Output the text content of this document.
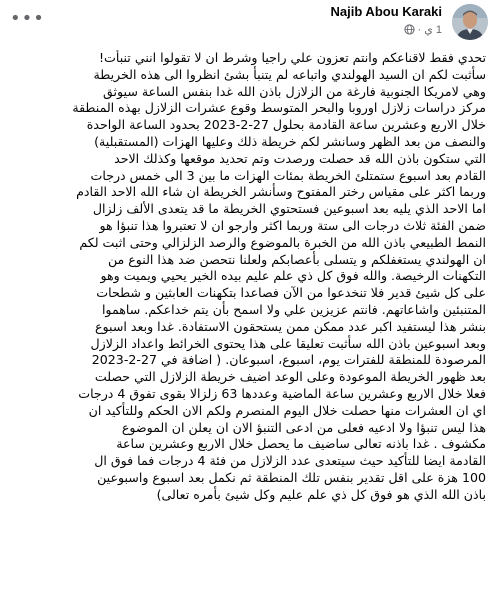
Najib Abou Karaki
1 ي
·
•••
تحدي فقط لاقناعكم وانتم تعزون علي راجيا وشرط ان لا تقولوا انني تنبأت!
سأثبت لكم ان السيد الهولندي واتباعه لم يتنبأ بشئ انظروا الى هذه الخريطة
وهي لامريكا الجنوبية فارغة من الزلازل باذن الله غدا بنفس الساعة سيوثق
مركز دراسات زلازل اوروبا والبحر المتوسط وقوع عشرات الزلازل بهذه المنطقة
خلال الاربع وعشرين ساعة القادمة بحلول 27-2-2023 بحدود الساعة الواحدة
والنصف من بعد الظهر وسانشر لكم خريطة ذلك وعليها الهزات (المستقبلية)
التي ستكون باذن الله قد حصلت ورصدت وتم تحديد موقعها وكذلك الاحد
القادم بعد اسبوع ستمتلئ الخريطة بمئات الهزات ما بين 3 الى خمس درجات
وربما اكثر على مقياس رختر المفتوح وسأنشر الخريطة ان شاء الله الاحد القادم
اما الاحد الذي يليه بعد اسبوعين فستحتوي الخريطة ما قد يتعدى الألف زلزال
ضمن الفئة ثلاث درجات الى ستة وربما اكثر وارجو ان لا تعتبروا هذا تنبؤا هو
النمط الطبيعي باذن الله من الخبرة بالموضوع والرصد الزلزالي وحتى اثبت لكم
ان الهولندي يستغفلكم و يتسلى بأعصابكم ولعلنا نتحصن ضد هذا النوع من
التكهنات الرخيصة. والله فوق كل ذي علم عليم بيده الخير يحيي ويميت وهو
على كل شيئ قدير فلا تنخدعوا من الآن فصاعدا بتكهنات العابثين و شطحات
المتنبئين واشاعاتهم. فانتم عزيزين علي ولا اسمح بأن يتم خداعكم. ساهموا
بنشر هذا ليستفيد اكبر عدد ممكن ممن يستحقون الاستفادة. غدا وبعد اسبوع
وبعد اسبوعين باذن الله سأثبت تعليقا على هذا يحتوى الخرائط واعداد الزلازل
المرصودة للمنطقة للفترات يوم، اسبوع، اسبوعان. ( اضافة في 27-2-2023
بعد ظهور الخريطة الموعودة وعلى الوعد اضيف خريطة الزلازل التي حصلت
فعلا خلال الاربع وعشرين ساعة الماضية وعددها 63 زلزالا بقوى تفوق 4 درجات
اي ان العشرات منها حصلت خلال اليوم المنصرم ولكم الان الحكم وللتأكيد ان
هذا ليس تنبؤا ولا ادعيه فعلى من ادعى التنبؤ الان ان يعلن ان الموضوع
مكشوف . غدا باذنه تعالى ساضيف ما يحصل خلال الاربع وعشرين ساعة
القادمة ايضا للتأكيد حيث سيتعدى عدد الزلازل من فئة 4 درجات فما فوق ال
100 هزة على اقل تقدير بنفس تلك المنطقة ثم نكمل بعد اسبوع واسبوعين
باذن الله الذي هو فوق كل ذي علم عليم وكل شيئ بأمره تعالى)
